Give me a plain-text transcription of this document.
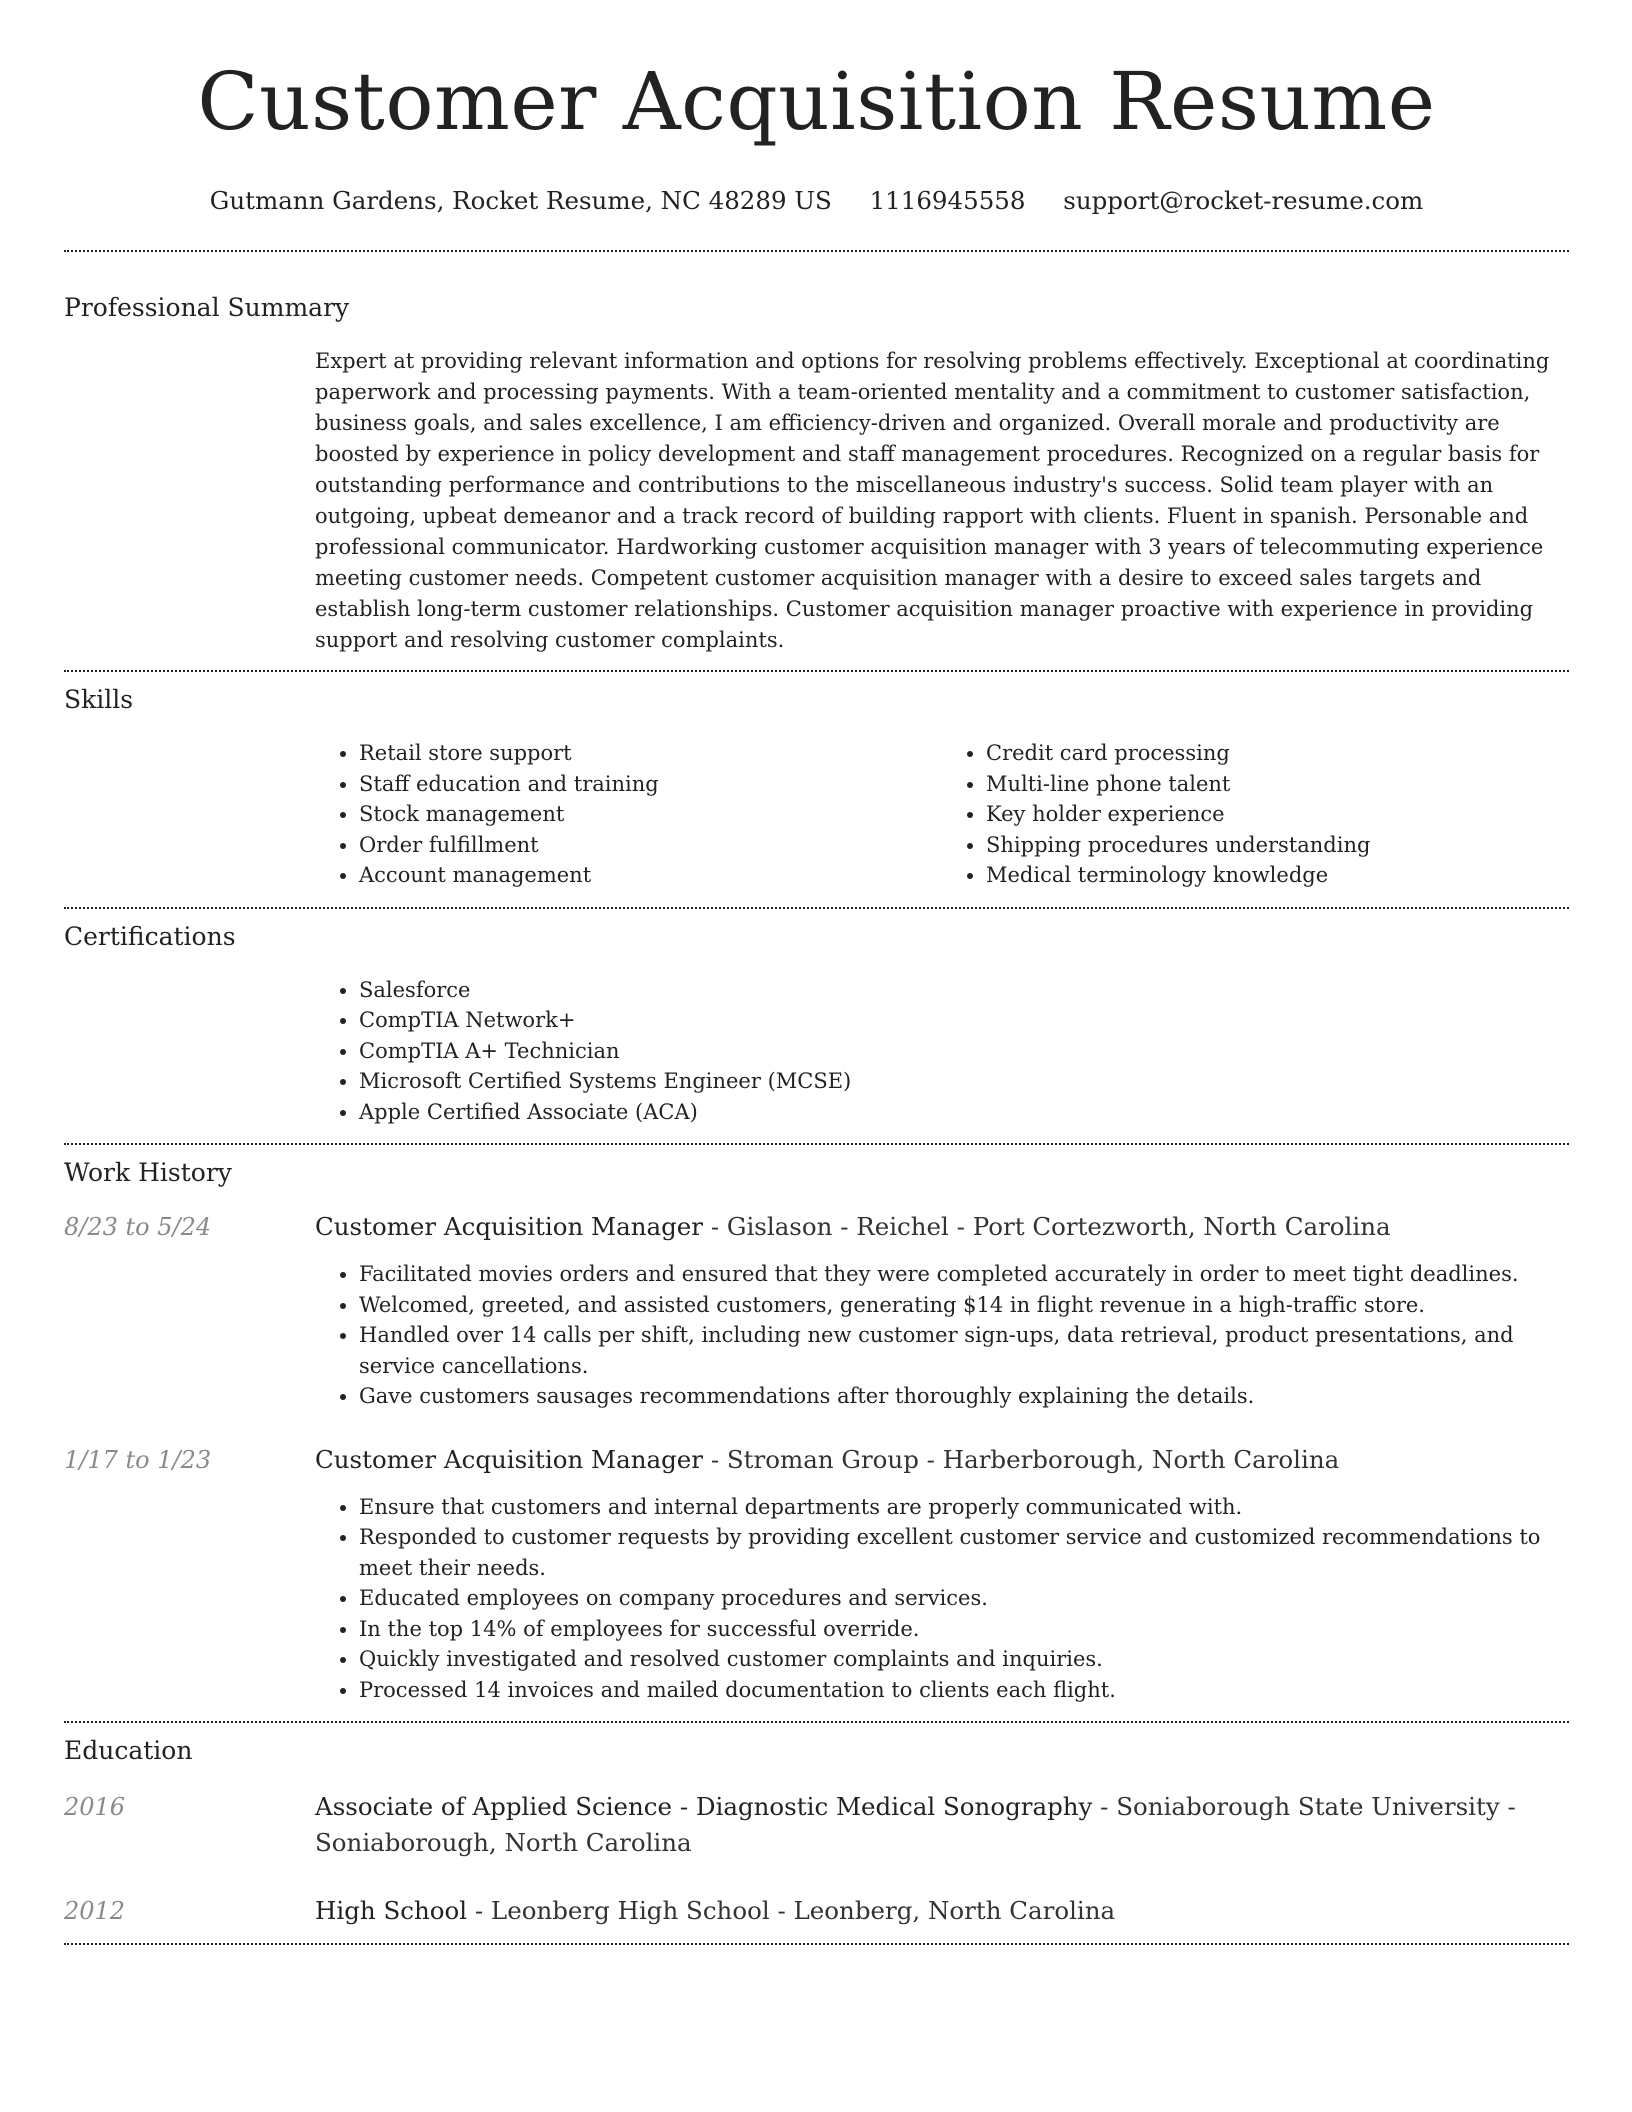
Customer Acquisition Resume
Gutmann Gardens, Rocket Resume, NC 48289 US 1116945558 support@rocket-resume.com
Professional Summary

Expert at providing relevant information and options for resolving problems effectively. Exceptional at coordinating paperwork and processing payments. With a team-oriented mentality and a commitment to customer satisfaction, business goals, and sales excellence, I am efficiency-driven and organized. Overall morale and productivity are boosted by experience in policy development and staff management procedures. Recognized on a regular basis for outstanding performance and contributions to the miscellaneous industry's success. Solid team player with an outgoing, upbeat demeanor and a track record of building rapport with clients. Fluent in spanish. Personable and professional communicator. Hardworking customer acquisition manager with 3 years of telecommuting experience meeting customer needs. Competent customer acquisition manager with a desire to exceed sales targets and establish long-term customer relationships. Customer acquisition manager proactive with experience in providing support and resolving customer complaints.

Skills
• Retail store support
• Staff education and training
• Stock management
• Order fulfillment
• Account management
• Credit card processing
• Multi-line phone talent
• Key holder experience
• Shipping procedures understanding
• Medical terminology knowledge
Certifications
• Salesforce
• CompTIA Network+
• CompTIA A+ Technician
• Microsoft Certified Systems Engineer (MCSE)
• Apple Certified Associate (ACA)
Work History
8/23 to 5/24	Customer Acquisition Manager - Gislason - Reichel - Port Cortezworth, North Carolina

• Facilitated movies orders and ensured that they were completed accurately in order to meet tight deadlines.
• Welcomed, greeted, and assisted customers, generating $14 in flight revenue in a high-traffic store.
• Handled over 14 calls per shift, including new customer sign-ups, data retrieval, product presentations, and service cancellations.
• Gave customers sausages recommendations after thoroughly explaining the details.
1/17 to 1/23	Customer Acquisition Manager - Stroman Group - Harberborough, North Carolina

• Ensure that customers and internal departments are properly communicated with.
• Responded to customer requests by providing excellent customer service and customized recommendations to meet their needs.
• Educated employees on company procedures and services.
• In the top 14% of employees for successful override.
• Quickly investigated and resolved customer complaints and inquiries.
• Processed 14 invoices and mailed documentation to clients each flight.
Education
2016	Associate of Applied Science - Diagnostic Medical Sonography - Soniaborough State University - Soniaborough, North Carolina

2012	High School - Leonberg High School - Leonberg, North Carolina
